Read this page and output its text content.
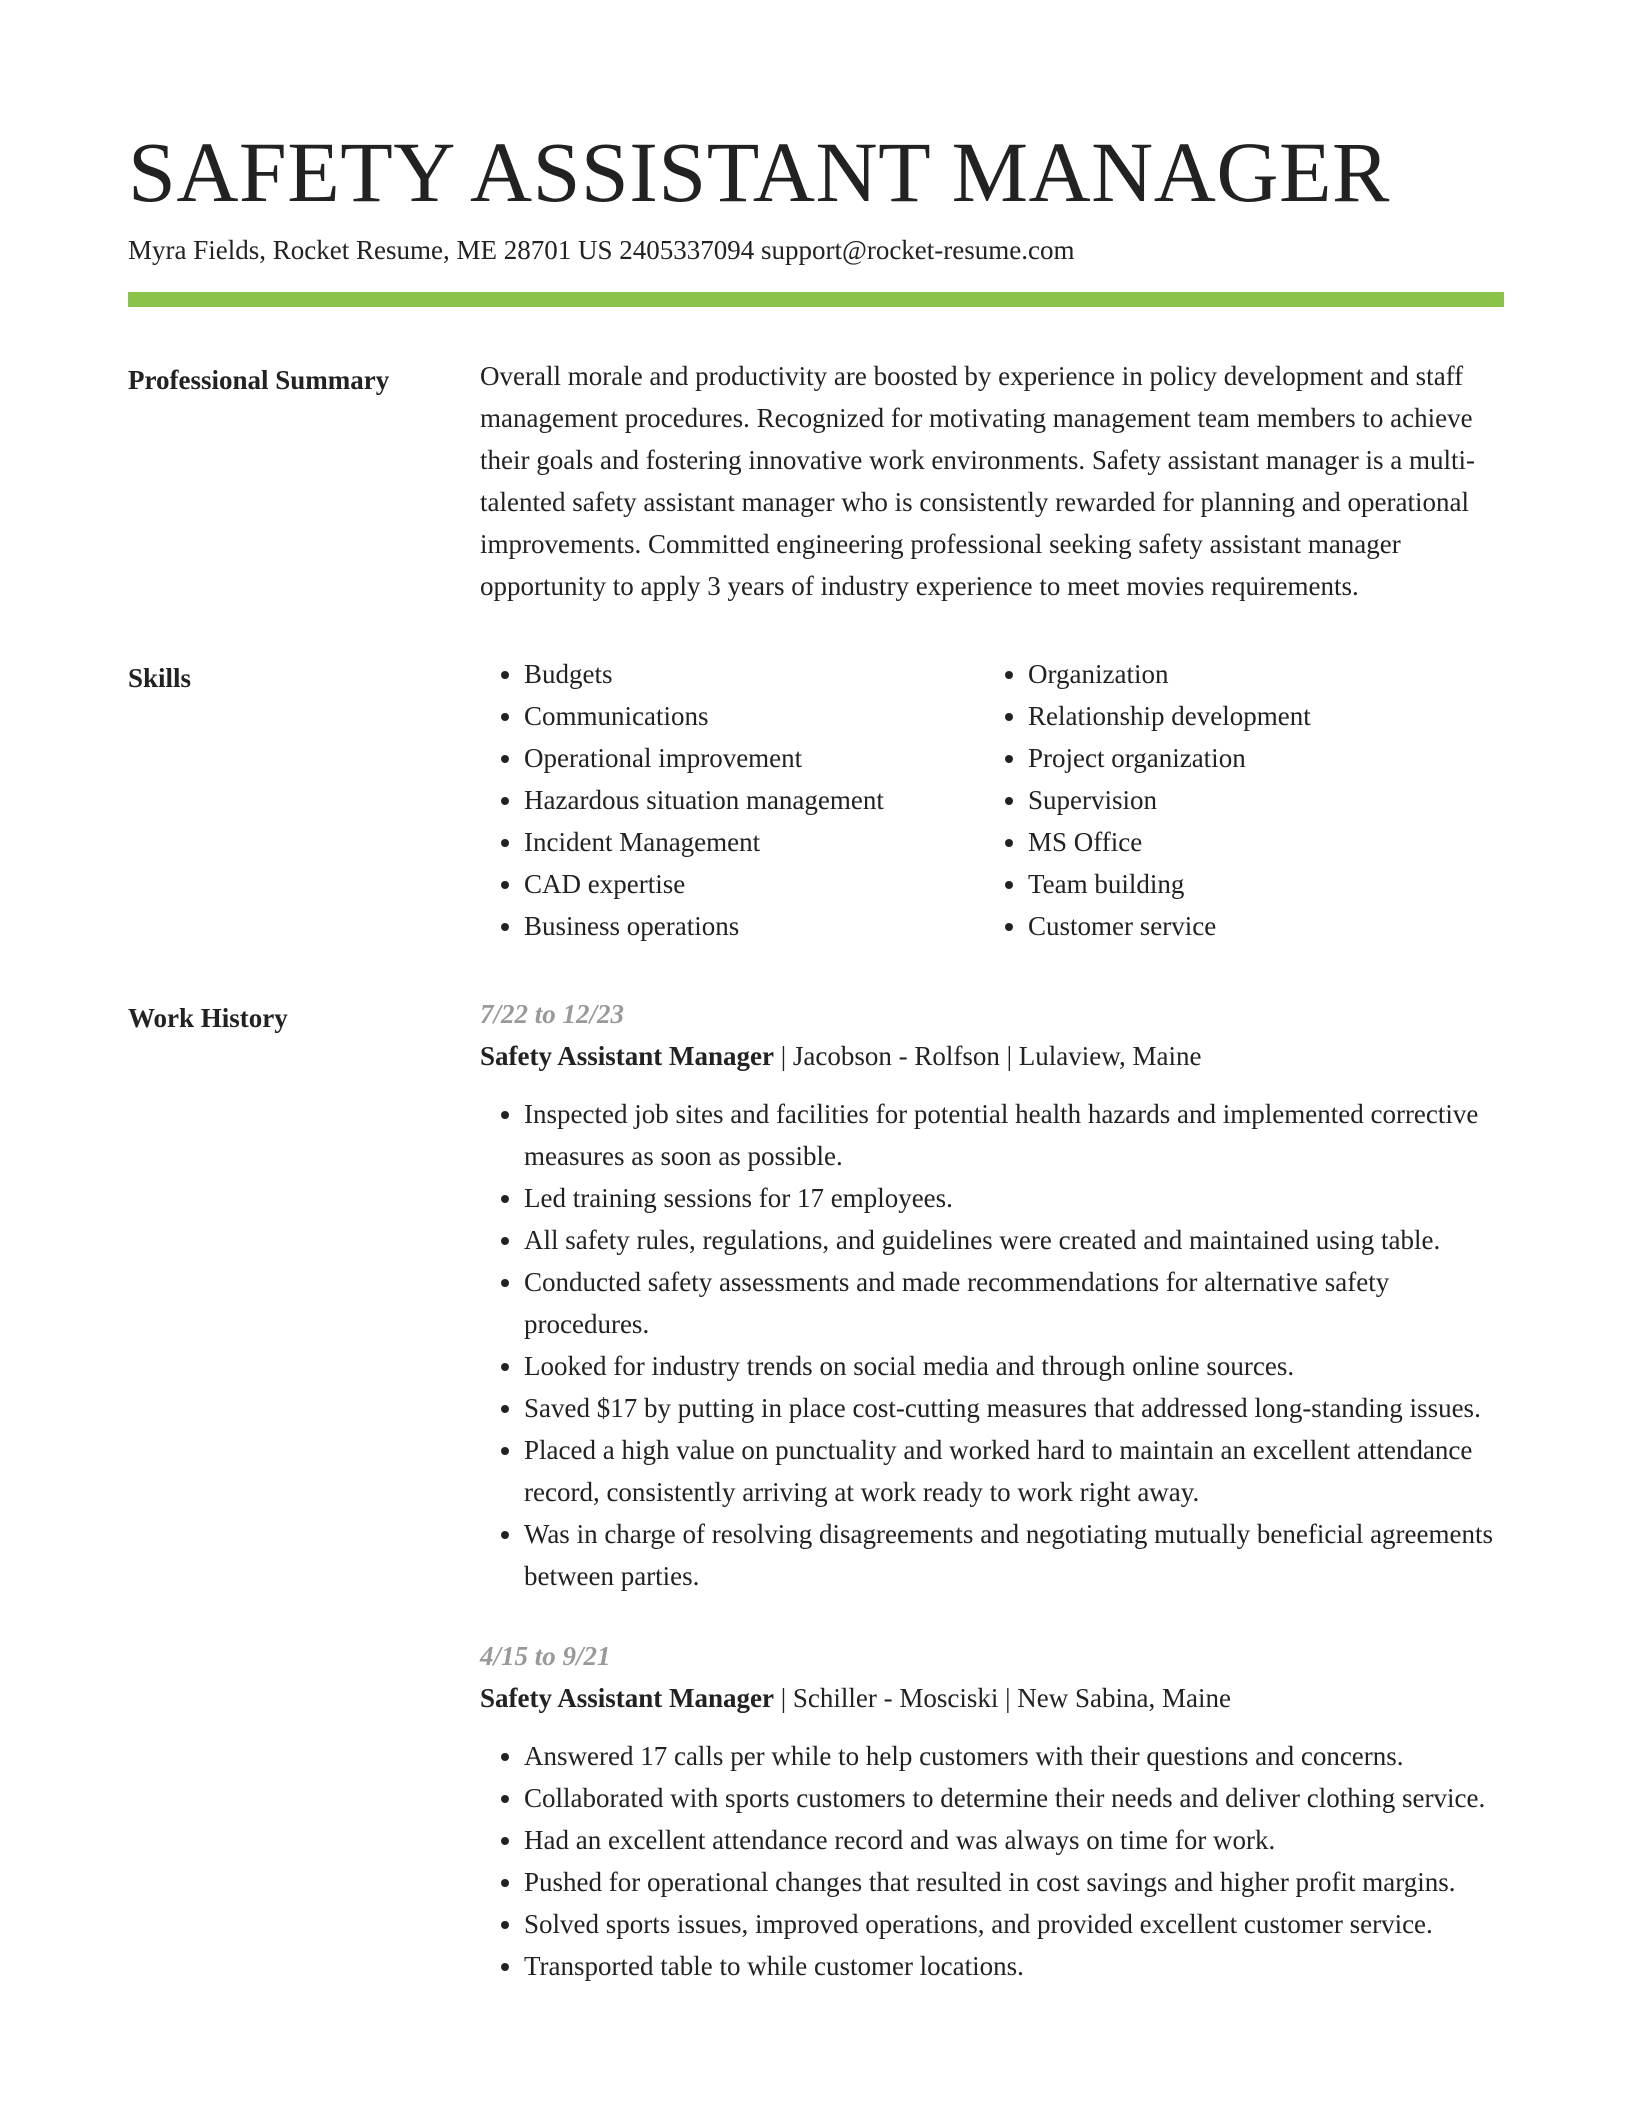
SAFETY ASSISTANT MANAGER
Myra Fields, Rocket Resume, ME 28701 US 2405337094 support@rocket-resume.com
Professional Summary	Overall morale and productivity are boosted by experience in policy development and staff management procedures. Recognized for motivating management team members to achieve their goals and fostering innovative work environments. Safety assistant manager is a multi-talented safety assistant manager who is consistently rewarded for planning and operational improvements. Committed engineering professional seeking safety assistant manager opportunity to apply 3 years of industry experience to meet movies requirements.

Skills
•	Budgets
• Communications
• Operational improvement
• Hazardous situation management
• Incident Management
• CAD expertise
• Business operations
• Organization
• Relationship development
• Project organization
• Supervision
• MS Office
• Team building
• Customer service
Work History	7/22 to 12/23
Safety Assistant Manager | Jacobson - Rolfson | Lulaview, Maine
• Inspected job sites and facilities for potential health hazards and implemented corrective measures as soon as possible.
• Led training sessions for 17 employees.
• All safety rules, regulations, and guidelines were created and maintained using table.
• Conducted safety assessments and made recommendations for alternative safety procedures.
• Looked for industry trends on social media and through online sources.
• Saved $17 by putting in place cost-cutting measures that addressed long-standing issues.
• Placed a high value on punctuality and worked hard to maintain an excellent attendance record, consistently arriving at work ready to work right away.
• Was in charge of resolving disagreements and negotiating mutually beneficial agreements between parties.
4/15 to 9/21
Safety Assistant Manager | Schiller - Mosciski | New Sabina, Maine
• Answered 17 calls per while to help customers with their questions and concerns.
• Collaborated with sports customers to determine their needs and deliver clothing service.
• Had an excellent attendance record and was always on time for work.
• Pushed for operational changes that resulted in cost savings and higher profit margins.
• Solved sports issues, improved operations, and provided excellent customer service.
• Transported table to while customer locations.
